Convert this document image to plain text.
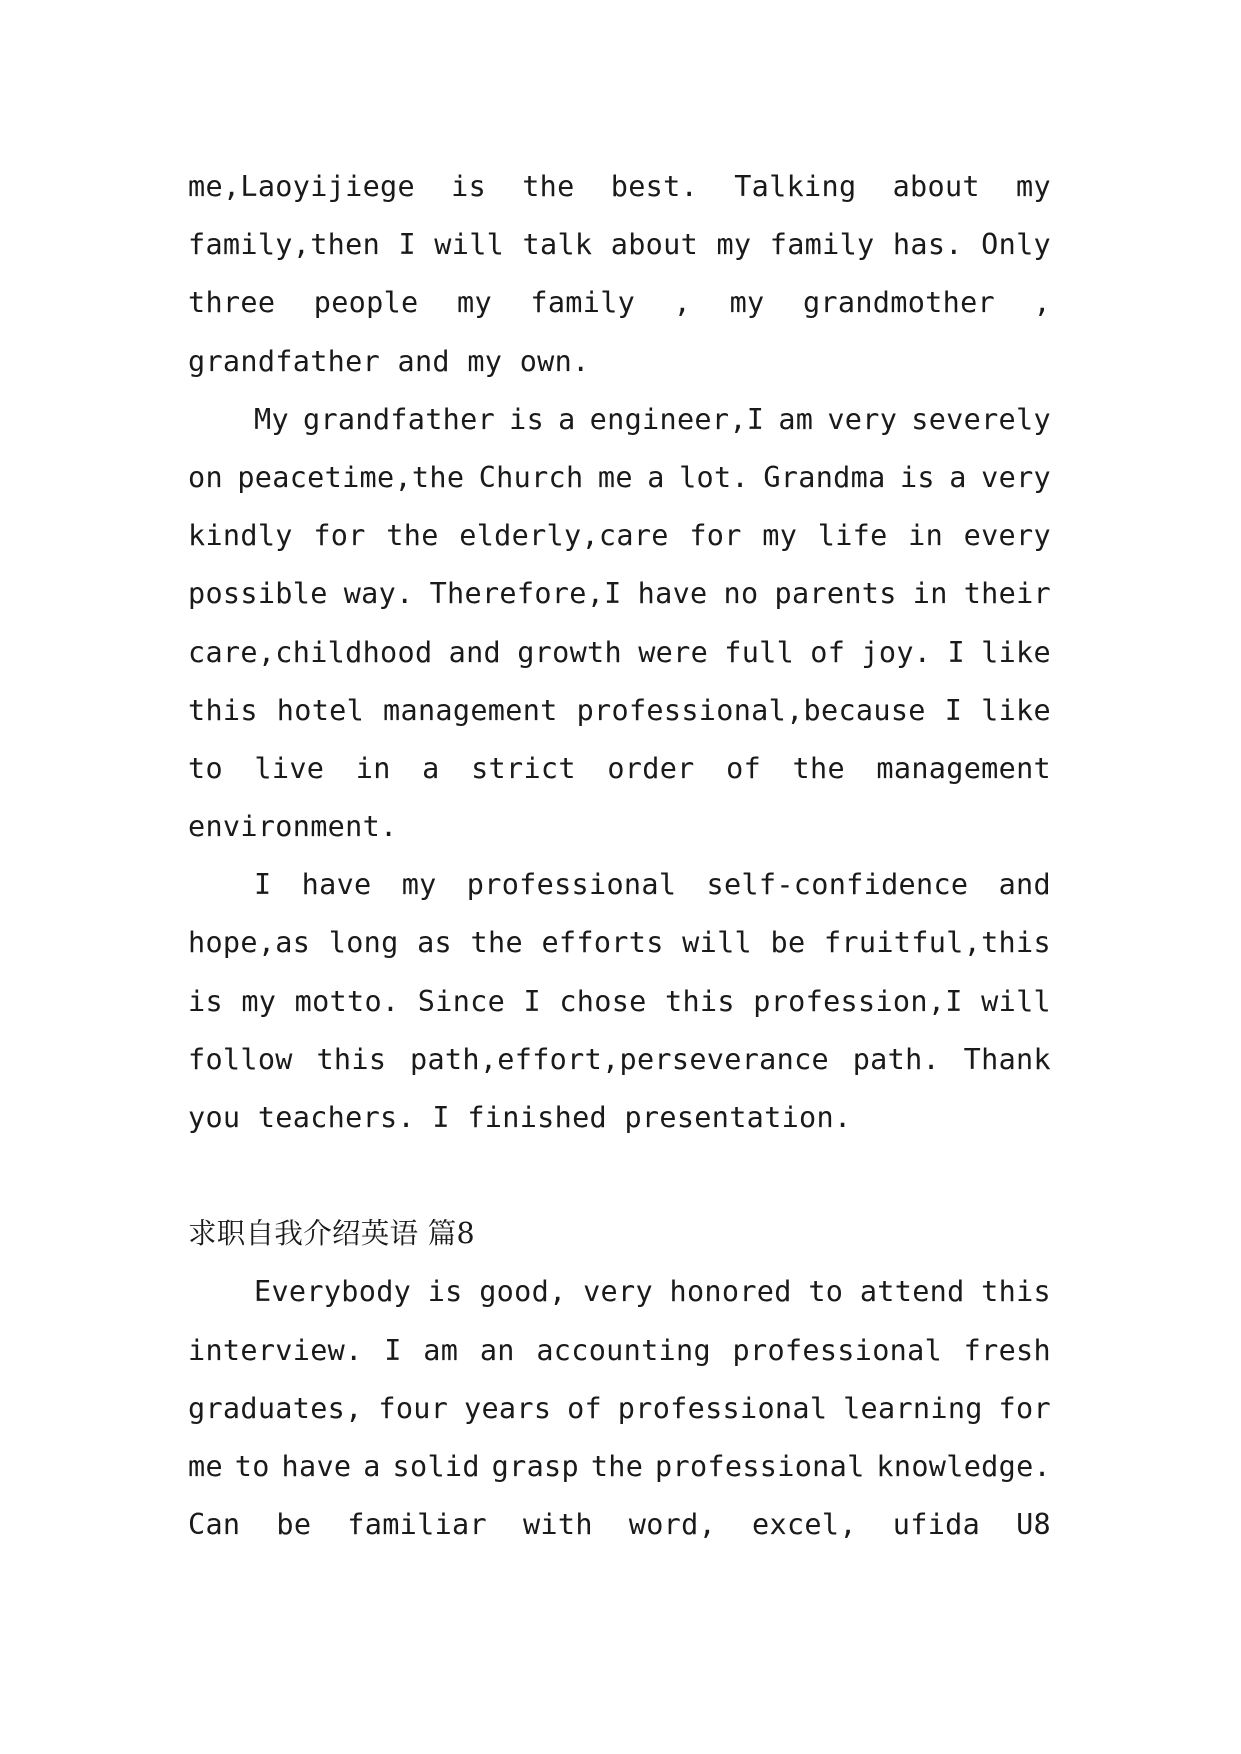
me,Laoyijiege is the best. Talking about my
family,then I will talk about my family has. Only
three people my family , my grandmother ,
grandfather and my own.
My grandfather is a engineer,I am very severely
on peacetime,the Church me a lot. Grandma is a very
kindly for the elderly,care for my life in every
possible way. Therefore,I have no parents in their
care,childhood and growth were full of joy. I like
this hotel management professional,because I like
to live in a strict order of the management
environment.
I have my professional self-confidence and
hope,as long as the efforts will be fruitful,this
is my motto. Since I chose this profession,I will
follow this path,effort,perseverance path. Thank
you teachers. I finished presentation.
求职自我介绍英语 篇8
Everybody is good, very honored to attend this
interview. I am an accounting professional fresh
graduates, four years of professional learning for
me to have a solid grasp the professional knowledge.
Can be familiar with word, excel, ufida U8
